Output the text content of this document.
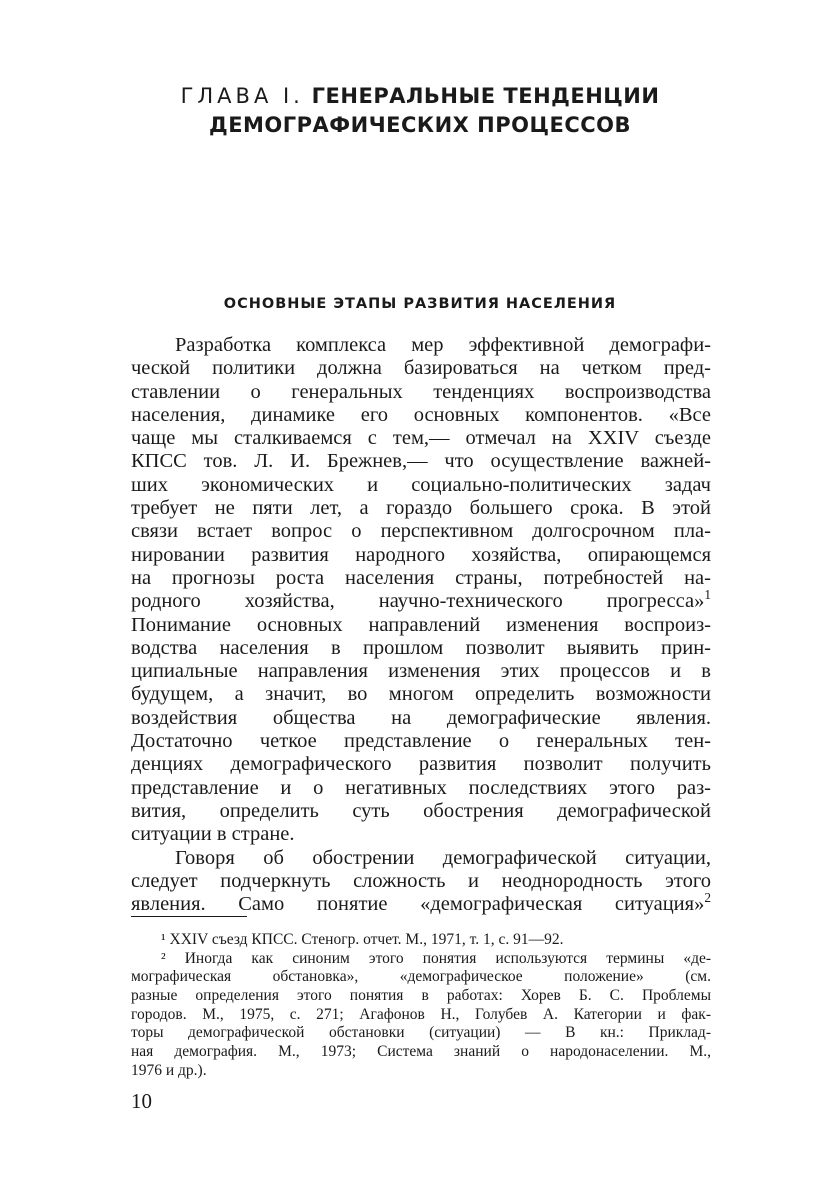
ГЛАВА I. ГЕНЕРАЛЬНЫЕ ТЕНДЕНЦИИ
ДЕМОГРАФИЧЕСКИХ ПРОЦЕССОВ
ОСНОВНЫЕ ЭТАПЫ РАЗВИТИЯ НАСЕЛЕНИЯ
Разработка комплекса мер эффективной демографи-
ческой политики должна базироваться на четком пред-
ставлении о генеральных тенденциях воспроизводства
населения, динамике его основных компонентов. «Все
чаще мы сталкиваемся с тем,— отмечал на XXIV съезде
КПСС тов. Л. И. Брежнев,— что осуществление важней-
ших экономических и социально-политических задач
требует не пяти лет, а гораздо большего срока. В этой
связи встает вопрос о перспективном долгосрочном пла-
нировании развития народного хозяйства, опирающемся
на прогнозы роста населения страны, потребностей на-
родного хозяйства, научно-технического прогресса»$^1$
Понимание основных направлений изменения воспроиз-
водства населения в прошлом позволит выявить прин-
ципиальные направления изменения этих процессов и в
будущем, а значит, во многом определить возможности
воздействия общества на демографические явления.
Достаточно четкое представление о генеральных тен-
денциях демографического развития позволит получить
представление и о негативных последствиях этого раз-
вития, определить суть обострения демографической
ситуации в стране.
Говоря об обострении демографической ситуации,
следует подчеркнуть сложность и неоднородность этого
явления. Само понятие «демографическая ситуация»$^2$
¹ XXIV съезд КПСС. Стеногр. отчет. М., 1971, т. 1, с. 91—92.
² Иногда как синоним этого понятия используются термины «де-
мографическая обстановка», «демографическое положение» (см.
разные определения этого понятия в работах: Хорев Б. С. Проблемы
городов. М., 1975, с. 271; Агафонов Н., Голубев А. Категории и фак-
торы демографической обстановки (ситуации) — В кн.: Приклад-
ная демография. М., 1973; Система знаний о народонаселении. М.,
1976 и др.).
10
